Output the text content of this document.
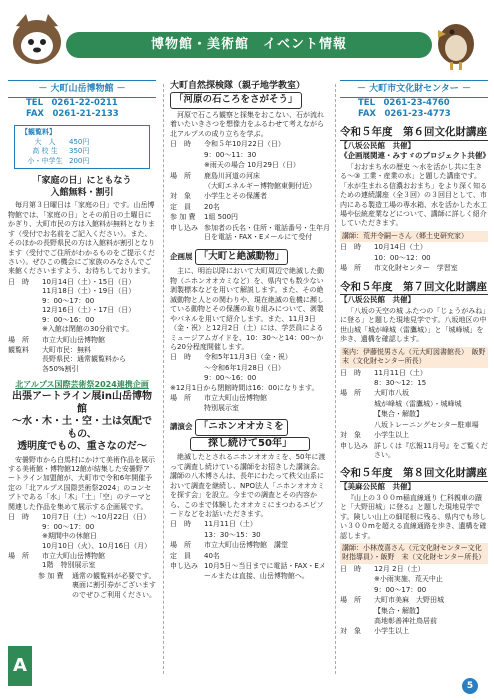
博物館・美術館　イベント情報
－ 大町山岳博物館 －
TEL　0261-22-0211
FAX　0261-21-2133
【観覧料】
大　人	450円
高 校 生	350円
小・中学生 200円
「家庭の日」にともなう
入館無料・割引
毎月第３日曜日は「家庭の日」です。山岳博物館では、「家庭の日」とその前日の土曜日にかぎり、大町市民の方は入館料が無料となります（受付でお名前をご記入ください）。また、そのほかの長野県民の方は入館料が割引となります（受付でご住所がわかるものをご提示ください）。ぜひこの機会にご家族のみなさんでご来館くださいますよう、お待ちしております。
日　時	10月14日（土）・15日（日）
11月18日（土）・19日（日）
9：00～17：00
12月16日（土）・17日（日）
9：00～16：00
※入館は閉館の30分前です。
場　所	市立大町山岳博物館
観覧料	大町市民：無料
長野県民：通常観覧料から
各50%割引
北アルプス国際芸術祭2024連携企画
出張アートライン展in山岳博物館
～水・木・土・空・土は気配でもの、
透明度でもの、重さなのだ～
安曇野市から白馬村にかけて美術作品を展示する美術館・博物館12館が結集した安曇野アートライン加盟館が、大町市で令和6年開催予定の「北アルプス国際芸術祭2024」のコンセプトである「水」「木」「土」「空」のテーマと関連した作品を集めて展示する企画展です。
日　時	10月7日（土）～10月22日（日）
9：00～17：00
※期間中の休館日
10月10日（火）、10月16日（月）
場　所	市立大町山岳博物館
1階　特別展示室
参 加 費	通常の観覧料が必要です。裏面に割引券がございますのでぜひご利用ください。
大町自然探検隊（親子地学教室）
「河原の石ころをさがそう」
河原で石ころ観察と採集をおこない、石が流れ着いたいきさつを想像力をふるわせて考えながら北アルプスの成り立ちを学ぶ。
日　時	令和５年10月22日（日）
9：00～11：30
※雨天の場合 10月29日（日）
場　所	鹿島川河道の河床
（大町エネルギー博物館東側付近）
対　象	小学生とその保護者
定　員	20名
参 加 費	1組 500円
申し込み 参加者の氏名・住所・電話番号・生年月日を電話・FAX・Eメールにて受付
企画展 「大町と絶滅動物」
主に、明治以降において大町周辺で絶滅した動物（ニホンオオカミなど）を、県内でも数少ない剥製標本などを用いて解説します。また、その絶滅動物と人との関わりや、現在絶滅の危機に瀕している動物とその保護の取り組みについて、剥製やパネルを用いて紹介します。また、11月3日（金・祝）と12月2日（土）には、学芸員によるミュージアムガイドを、10：30～と14：00～から20分程度開催します。
日　時	令和5年11月3日（金・祝）
～令和6年1月28日（日）
9：00～16：00
※12月1日から閉館時間は16：00になります。
場　所	市立大町山岳博物館
特別展示室
講演会 「ニホンオオカミを
探し続けて50年」
絶滅したとされるニホンオオカミを、50年に渡って調査し続けている講師をお招きした講演会。講師の八木博さんは、長年にわたって秩父山系において調査を継続し、NPO法人「ニホンオオカミを探す会」を設立。今までの調査とその内容から、このまで体験したオオカミにまつわるエピソードなどをお話いただきます。
日　時	11月11日（土）
13：30～15：30
場　所	市立大町山岳博物館　講堂
定　員	40名
申し込み 10月5日～当日までに電話・FAX・Eメールまたは直接、山岳博物館へ。
－ 大町市文化財センター －
TEL　0261-23-4760
FAX　0261-23-4773
令和５年度　第６回文化財講座
【八坂公民館　共催】
《企画展関連・みすゞのプロジェクト共催》
「おおまち水の歴史 ～水を活かし共に生きる～③ 工業・産業の水」と題した講座です。「水が生まれる信濃おおまち」をより深く知るための連続講座（全３回）の３回目として、市内にある製造工場の専水箱、水を活かした水工場や伝統産業などについて、講師に詳しく紹介していただきます。
講師：荒井令嗣ーさん（郷土史研究家）
日　時	10月14日（土）
10：00～12：00
場　所	市文化財センター　学習室
令和５年度　第７回文化財講座
【八坂公民館　共催】
「八坂の天空の城 ふたつの「じょうがみね」に登る」と題した現地見学です。八坂地区の中世山城「城が峰城（雷鷹城）」と「城峰城」を歩き、遺構を確認します。
案内：伊藤悦男さん（元大町図書館長）　飯野　末（文化財センター所長）
日　時	11月11日（土）
8：30～12：15
場　所	大町市八坂
城が峰城（雷鷹城）・城峰城
【集合・解散】
八坂トレーニングセンター駐車場
対　象	小学生以上
申し込み 詳しくは『広報11月号』をご覧ください。
令和５年度　第８回文化財講座
【美麻公民館　共催】
『山上の３００m稲直線通り 仁科親車の蹟と「大野田城」に登る』と題した現地見学です。険しい山上の細尾根に残る、県内でも珍しい３００mを超える直線通路を歩き、遺構を確認します。
講師：小林茂喜さん（元文化財センター文化財指導員）・飯野　末（文化財センター所長）
日　時	12月 2日（土）
※小雨実施、荒天中止
9：00～17：00
場　所	大町市美麻　大野田城
【集合・解散】
高地彰善神社鳥居前
対　象	小学生以上
A
5
